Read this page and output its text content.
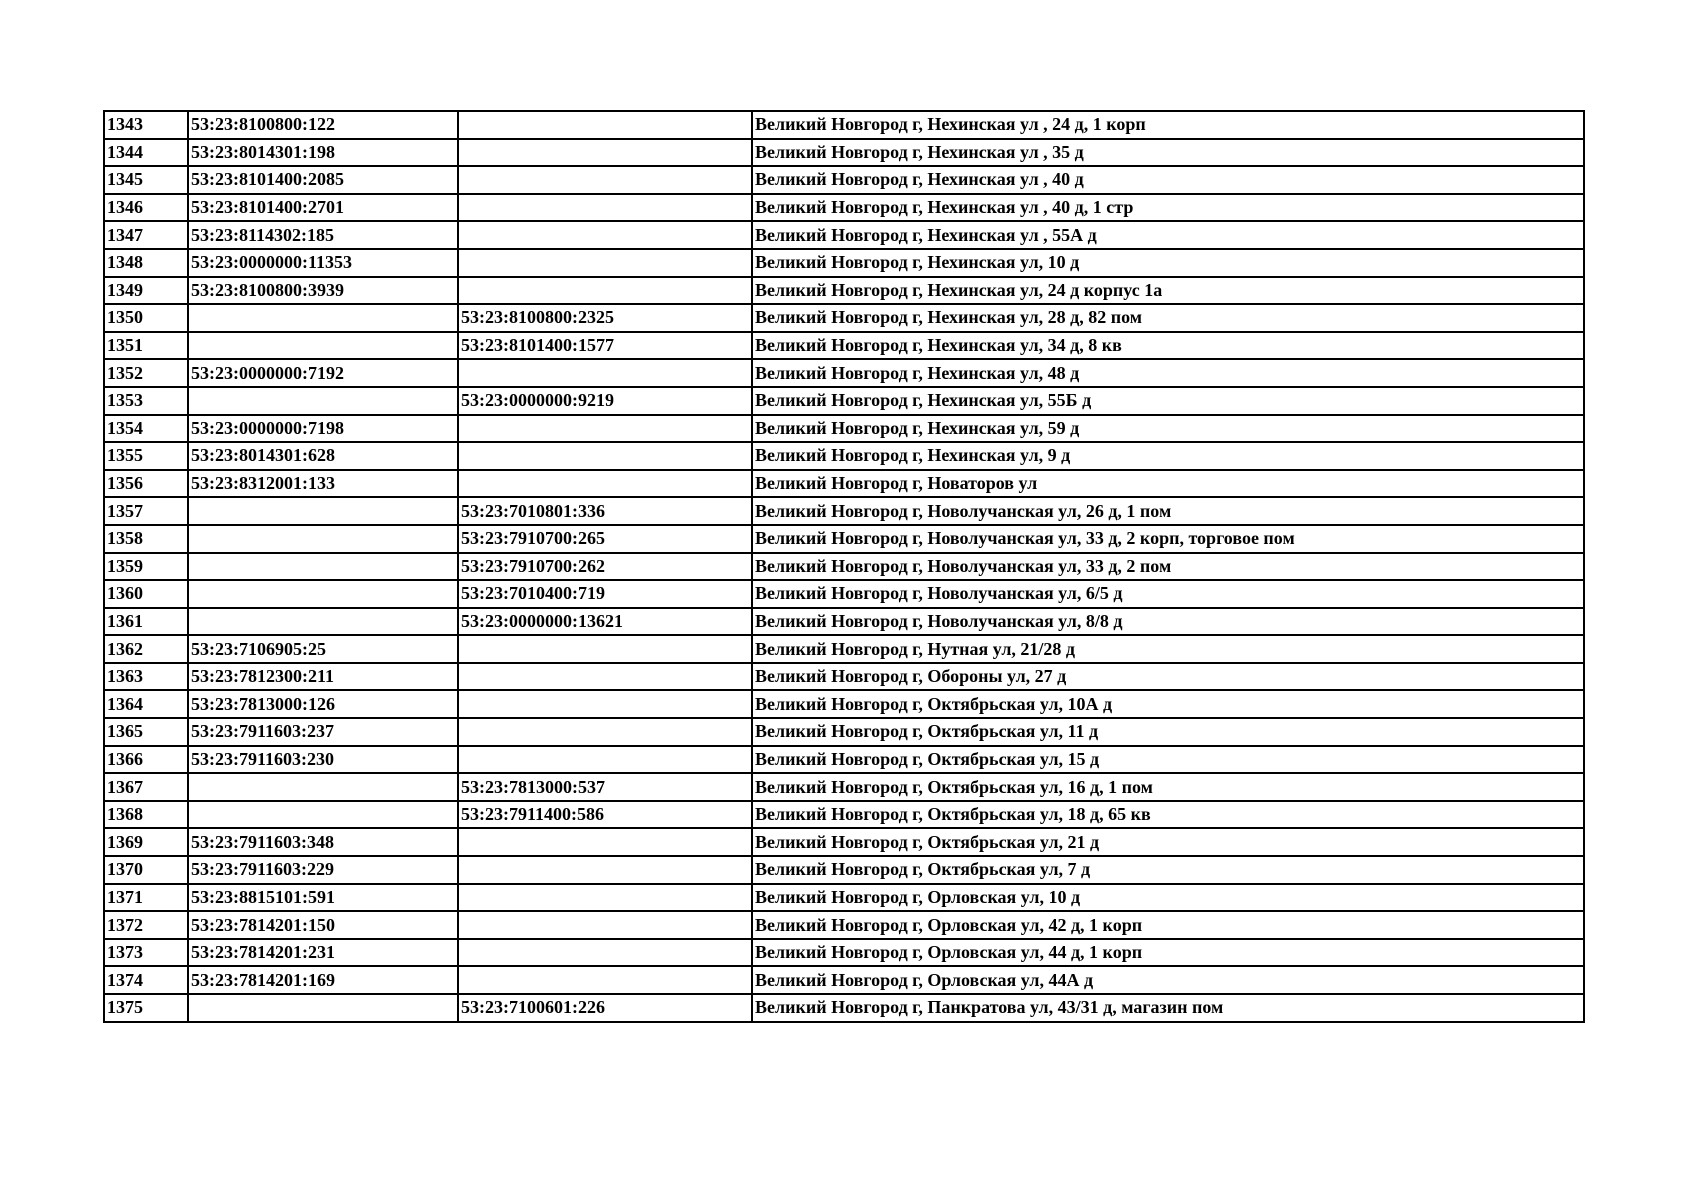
1343	53:23:8100800:122		Великий Новгород г, Нехинская ул , 24 д, 1 корп
1344	53:23:8014301:198		Великий Новгород г, Нехинская ул , 35 д
1345	53:23:8101400:2085		Великий Новгород г, Нехинская ул , 40 д
1346	53:23:8101400:2701		Великий Новгород г, Нехинская ул , 40 д, 1 стр
1347	53:23:8114302:185		Великий Новгород г, Нехинская ул , 55А д
1348	53:23:0000000:11353		Великий Новгород г, Нехинская ул, 10 д
1349	53:23:8100800:3939		Великий Новгород г, Нехинская ул, 24 д корпус 1а
1350		53:23:8100800:2325	Великий Новгород г, Нехинская ул, 28 д, 82 пом
1351		53:23:8101400:1577	Великий Новгород г, Нехинская ул, 34 д, 8 кв
1352	53:23:0000000:7192		Великий Новгород г, Нехинская ул, 48 д
1353		53:23:0000000:9219	Великий Новгород г, Нехинская ул, 55Б д
1354	53:23:0000000:7198		Великий Новгород г, Нехинская ул, 59 д
1355	53:23:8014301:628		Великий Новгород г, Нехинская ул, 9 д
1356	53:23:8312001:133		Великий Новгород г, Новаторов ул
1357		53:23:7010801:336	Великий Новгород г, Новолучанская ул, 26 д, 1 пом
1358		53:23:7910700:265	Великий Новгород г, Новолучанская ул, 33 д, 2 корп, торговое пом
1359		53:23:7910700:262	Великий Новгород г, Новолучанская ул, 33 д, 2 пом
1360		53:23:7010400:719	Великий Новгород г, Новолучанская ул, 6/5 д
1361		53:23:0000000:13621	Великий Новгород г, Новолучанская ул, 8/8 д
1362	53:23:7106905:25		Великий Новгород г, Нутная ул, 21/28 д
1363	53:23:7812300:211		Великий Новгород г, Обороны ул, 27 д
1364	53:23:7813000:126		Великий Новгород г, Октябрьская ул, 10А д
1365	53:23:7911603:237		Великий Новгород г, Октябрьская ул, 11 д
1366	53:23:7911603:230		Великий Новгород г, Октябрьская ул, 15 д
1367		53:23:7813000:537	Великий Новгород г, Октябрьская ул, 16 д, 1 пом
1368		53:23:7911400:586	Великий Новгород г, Октябрьская ул, 18 д, 65 кв
1369	53:23:7911603:348		Великий Новгород г, Октябрьская ул, 21 д
1370	53:23:7911603:229		Великий Новгород г, Октябрьская ул, 7 д
1371	53:23:8815101:591		Великий Новгород г, Орловская ул, 10 д
1372	53:23:7814201:150		Великий Новгород г, Орловская ул, 42 д, 1 корп
1373	53:23:7814201:231		Великий Новгород г, Орловская ул, 44 д, 1 корп
1374	53:23:7814201:169		Великий Новгород г, Орловская ул, 44А д
1375		53:23:7100601:226	Великий Новгород г, Панкратова ул, 43/31 д, магазин пом
